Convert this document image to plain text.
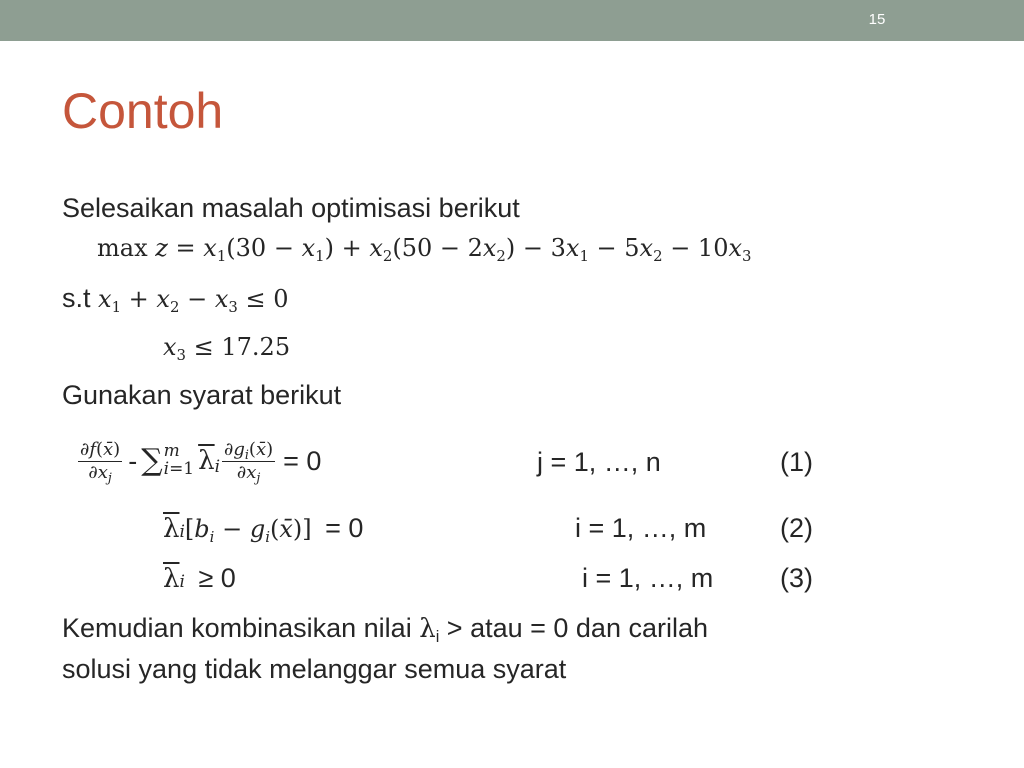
15
Contoh
Selesaikan masalah optimisasi berikut
$\max z = x_1(30 - x_1) + x_2(50 - 2x_2) - 3x_1 - 5x_2 - 10x_3$
s.t $x_1 + x_2 - x_3 \le 0$
$x_3 \le 17.25$
Gunakan syarat berikut
$\frac{\partial f(x̄)}{\partial x_j}$ - ∑ m
i=1 $\overline{\lambda}$ i $\frac{\partial g_i(x̄)}{\partial x_j} = 0$	j = 1, …, n	(1)
$\overline{\lambda}i[b_i$ − $g_i(x̄)] = 0$	i = 1, …, m	(2)
$\overline{\lambda}i \ge 0$	i = 1, …, m (3)
Kemudian kombinasikan nilai λi > atau = 0 dan carilah
solusi yang tidak melanggar semua syarat
